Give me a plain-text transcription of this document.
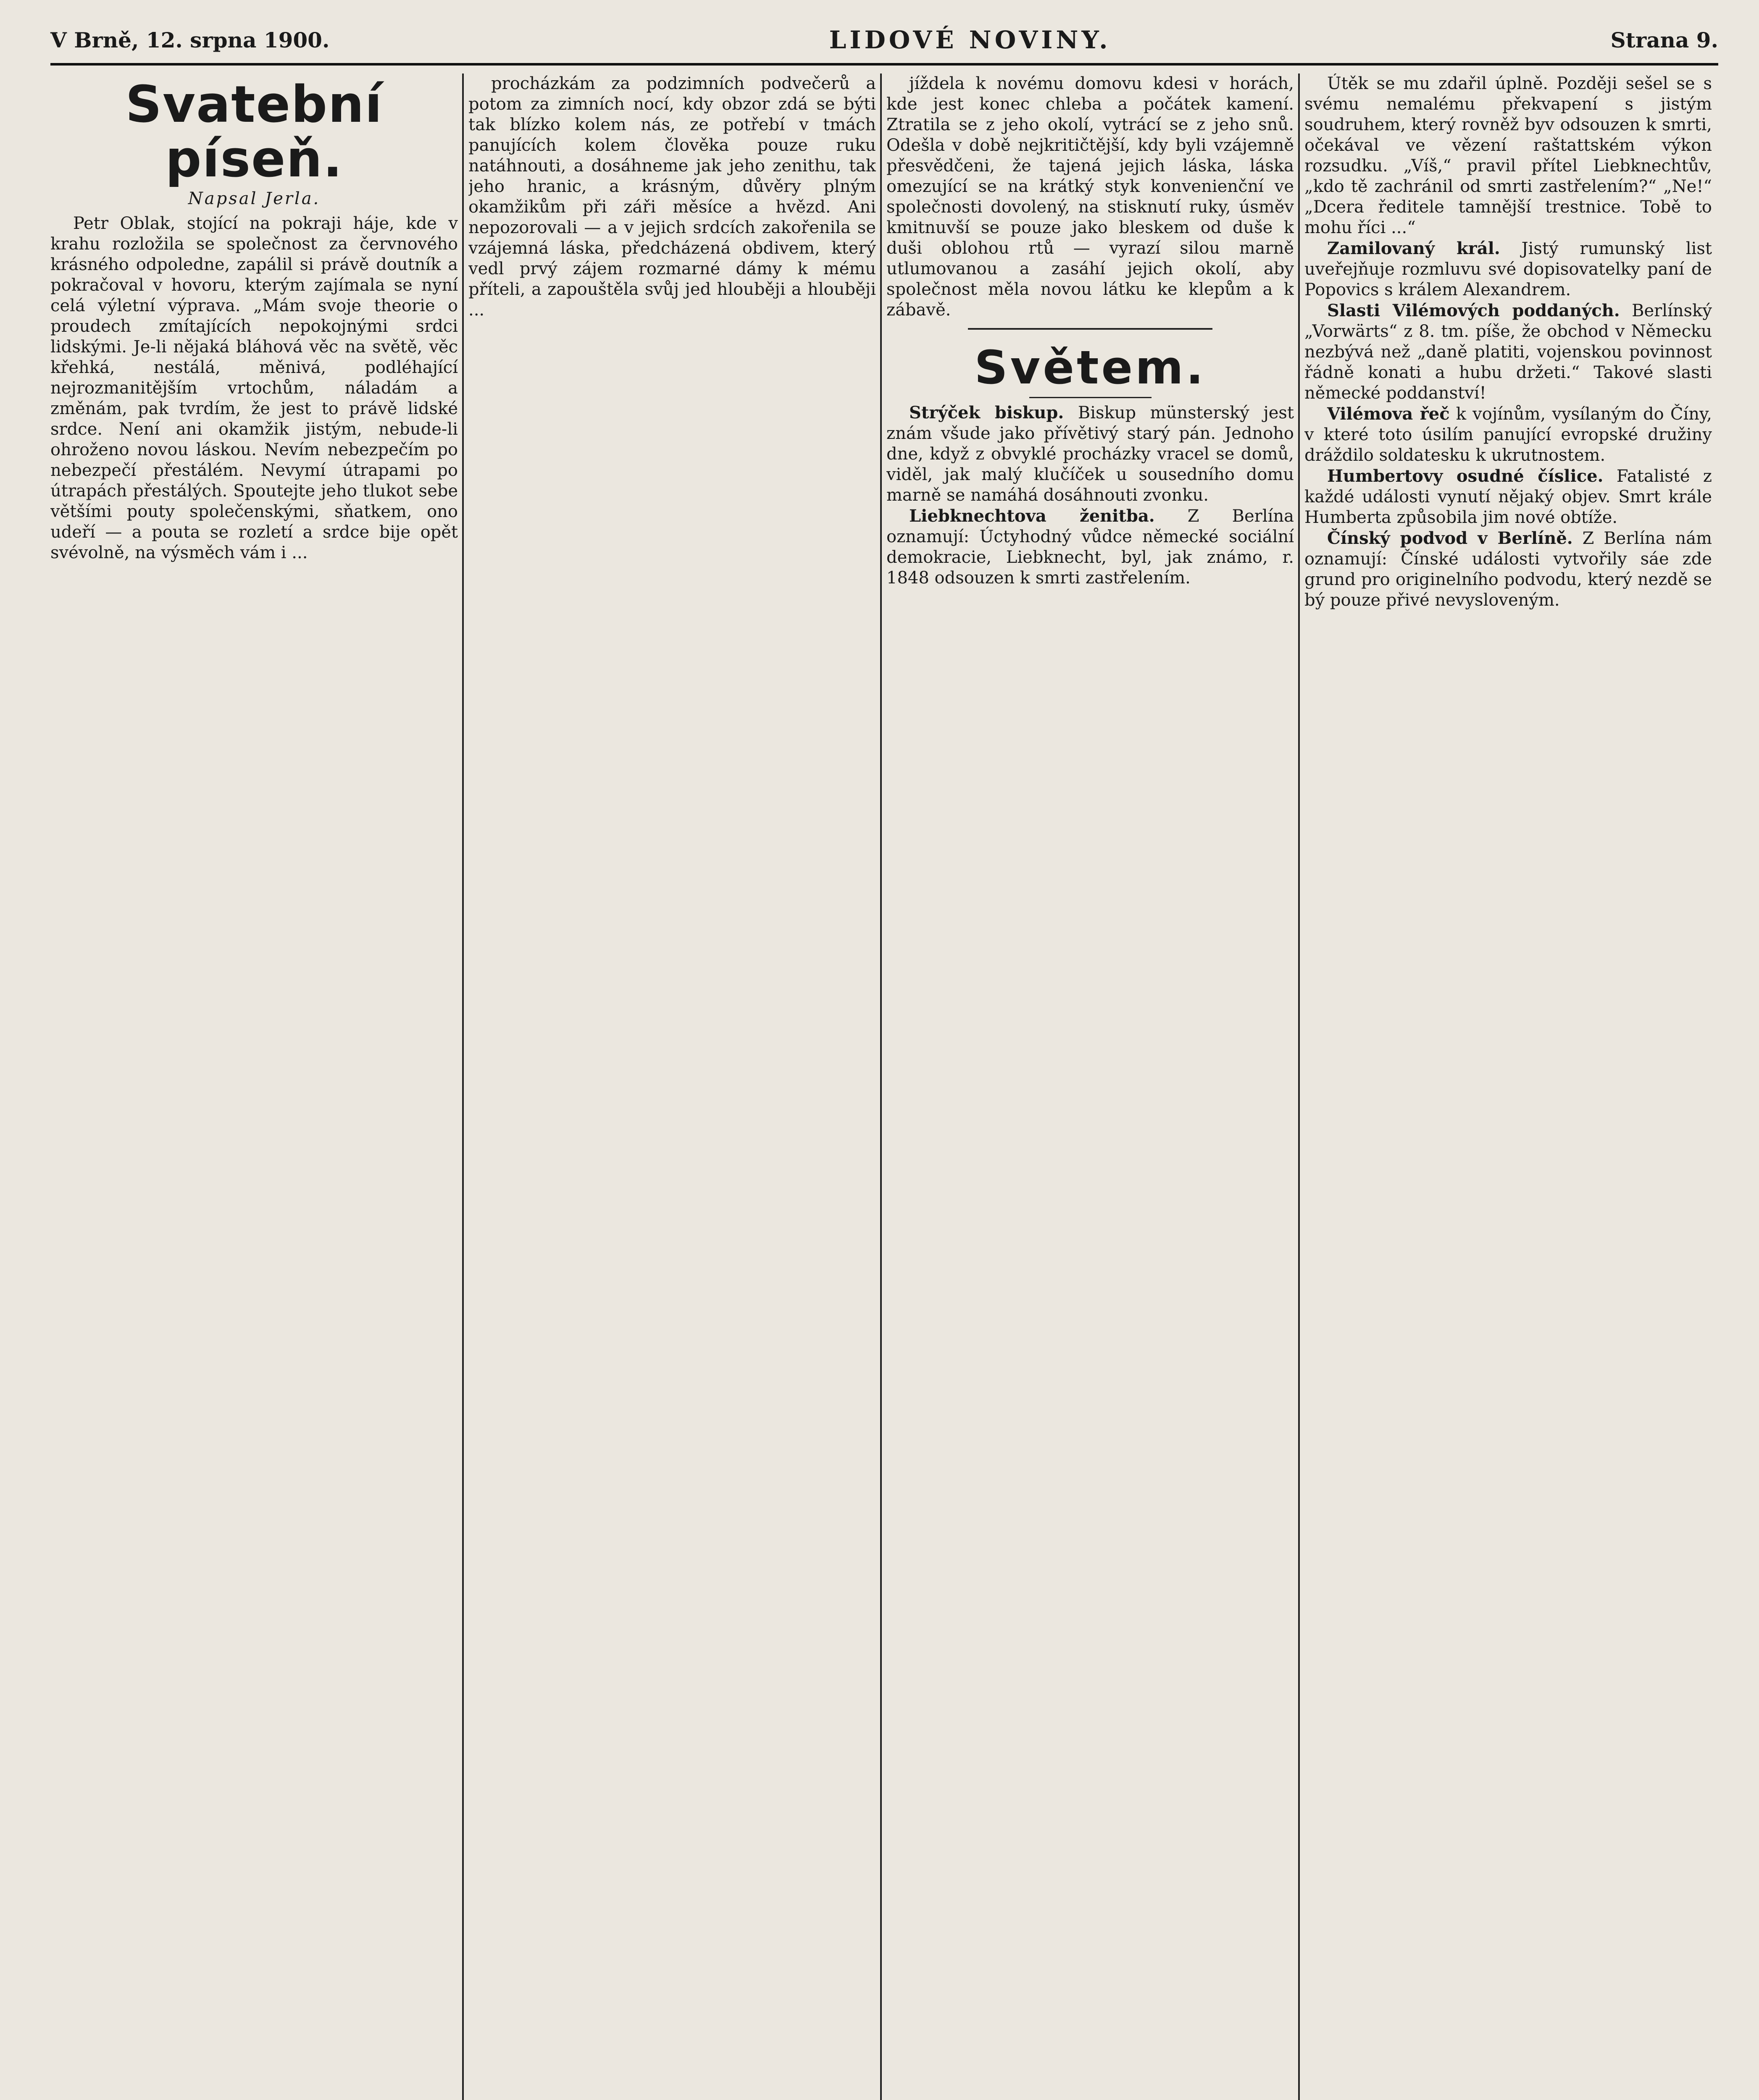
V Brně, 12. srpna 1900.	LIDOVÉ NOVINY.	Strana 9.
Svatební píseň.
Napsal Jerla.

Petr Oblak, stojící na pokraji háje, kde v krahu rozložila se společnost za červnového krásného odpoledne, zapálil si právě doutník a pokračoval v hovoru, kterým zajímala se nyní celá výletní výprava. „Mám svoje theorie o proudech zmítajících nepokojnými srdci lidskými. Je-li nějaká bláhová věc na světě, věc křehká, nestálá, měnivá, podléhající nejrozmanitějším vrtochům, náladám a změnám, pak tvrdím, že jest to právě lidské srdce. Není ani okamžik jistým, nebude-li ohroženo novou láskou. Nevím nebezpečím po nebezpečí přestálém. Nevymí útrapami po útrapách přestálých. Spoutejte jeho tlukot sebe většími pouty společenskými, sňatkem, ono udeří — a pouta se rozletí a srdce bije opět svévolně, na výsměch vám i ...

procházkám za podzimních podvečerů a potom za zimních nocí, kdy obzor zdá se býti tak blízko kolem nás, ze potřebí v tmách panujících kolem člověka pouze ruku natáhnouti, a dosáhneme jak jeho zenithu, tak jeho hranic, a krásným, důvěry plným okamžikům při záři měsíce a hvězd. Ani nepozorovali — a v jejich srdcích zakořenila se vzájemná láska, předcházená obdivem, který vedl prvý zájem rozmarné dámy k mému příteli, a zapouštěla svůj jed hlouběji a hlouběji ...

jíždela k novému domovu kdesi v horách, kde jest konec chleba a počátek kamení. Ztratila se z jeho okolí, vytrácí se z jeho snů. Odešla v době nejkritičtější, kdy byli vzájemně přesvědčeni, že tajená jejich láska, láska omezující se na krátký styk konvenienční ve společnosti dovolený, na stisknutí ruky, úsměv kmitnuvší se pouze jako bleskem od duše k duši oblohou rtů — vyrazí silou marně utlumovanou a zasáhí jejich okolí, aby společnost měla novou látku ke klepům a k zábavě.

Světem.

Strýček biskup. Biskup münsterský jest znám všude jako přívětivý starý pán. Jednoho dne, když z obvyklé procházky vracel se domů, viděl, jak malý klučíček u sousedního domu marně se namáhá dosáhnouti zvonku.

Liebknechtova ženitba. Z Berlína oznamují: Úctyhodný vůdce německé sociální demokracie, Liebknecht, byl, jak známo, r. 1848 odsouzen k smrti zastřelením.

Útěk se mu zdařil úplně. Později sešel se s svému nemalému překvapení s jistým soudruhem, který rovněž byv odsouzen k smrti, očekával ve vězení raštattském výkon rozsudku. „Víš,“ pravil přítel Liebknechtův, „kdo tě zachránil od smrti zastřelením?“ „Ne!“ „Dcera ředitele tamnější trestnice. Tobě to mohu říci ...“

Zamilovaný král. Jistý rumunský list uveřejňuje rozmluvu své dopisovatelky paní de Popovics s králem Alexandrem.

Slasti Vilémových poddaných. Berlínský „Vorwärts“ z 8. tm. píše, že obchod v Německu nezbývá než „daně platiti, vojenskou povinnost řádně konati a hubu držeti.“ Takové slasti německé poddanství!

Vilémova řeč k vojínům, vysílaným do Číny, v které toto úsilím panující evropské družiny dráždilo soldatesku k ukrutnostem.

Humbertovy osudné číslice. Fatalisté z každé události vynutí nějaký objev. Smrt krále Humberta způsobila jim nové obtíže.

Čínský podvod v Berlíně. Z Berlína nám oznamují: Čínské události vytvořily sáe zde grund pro originelního podvodu, který nezdě se bý pouze přivé nevysloveným.
